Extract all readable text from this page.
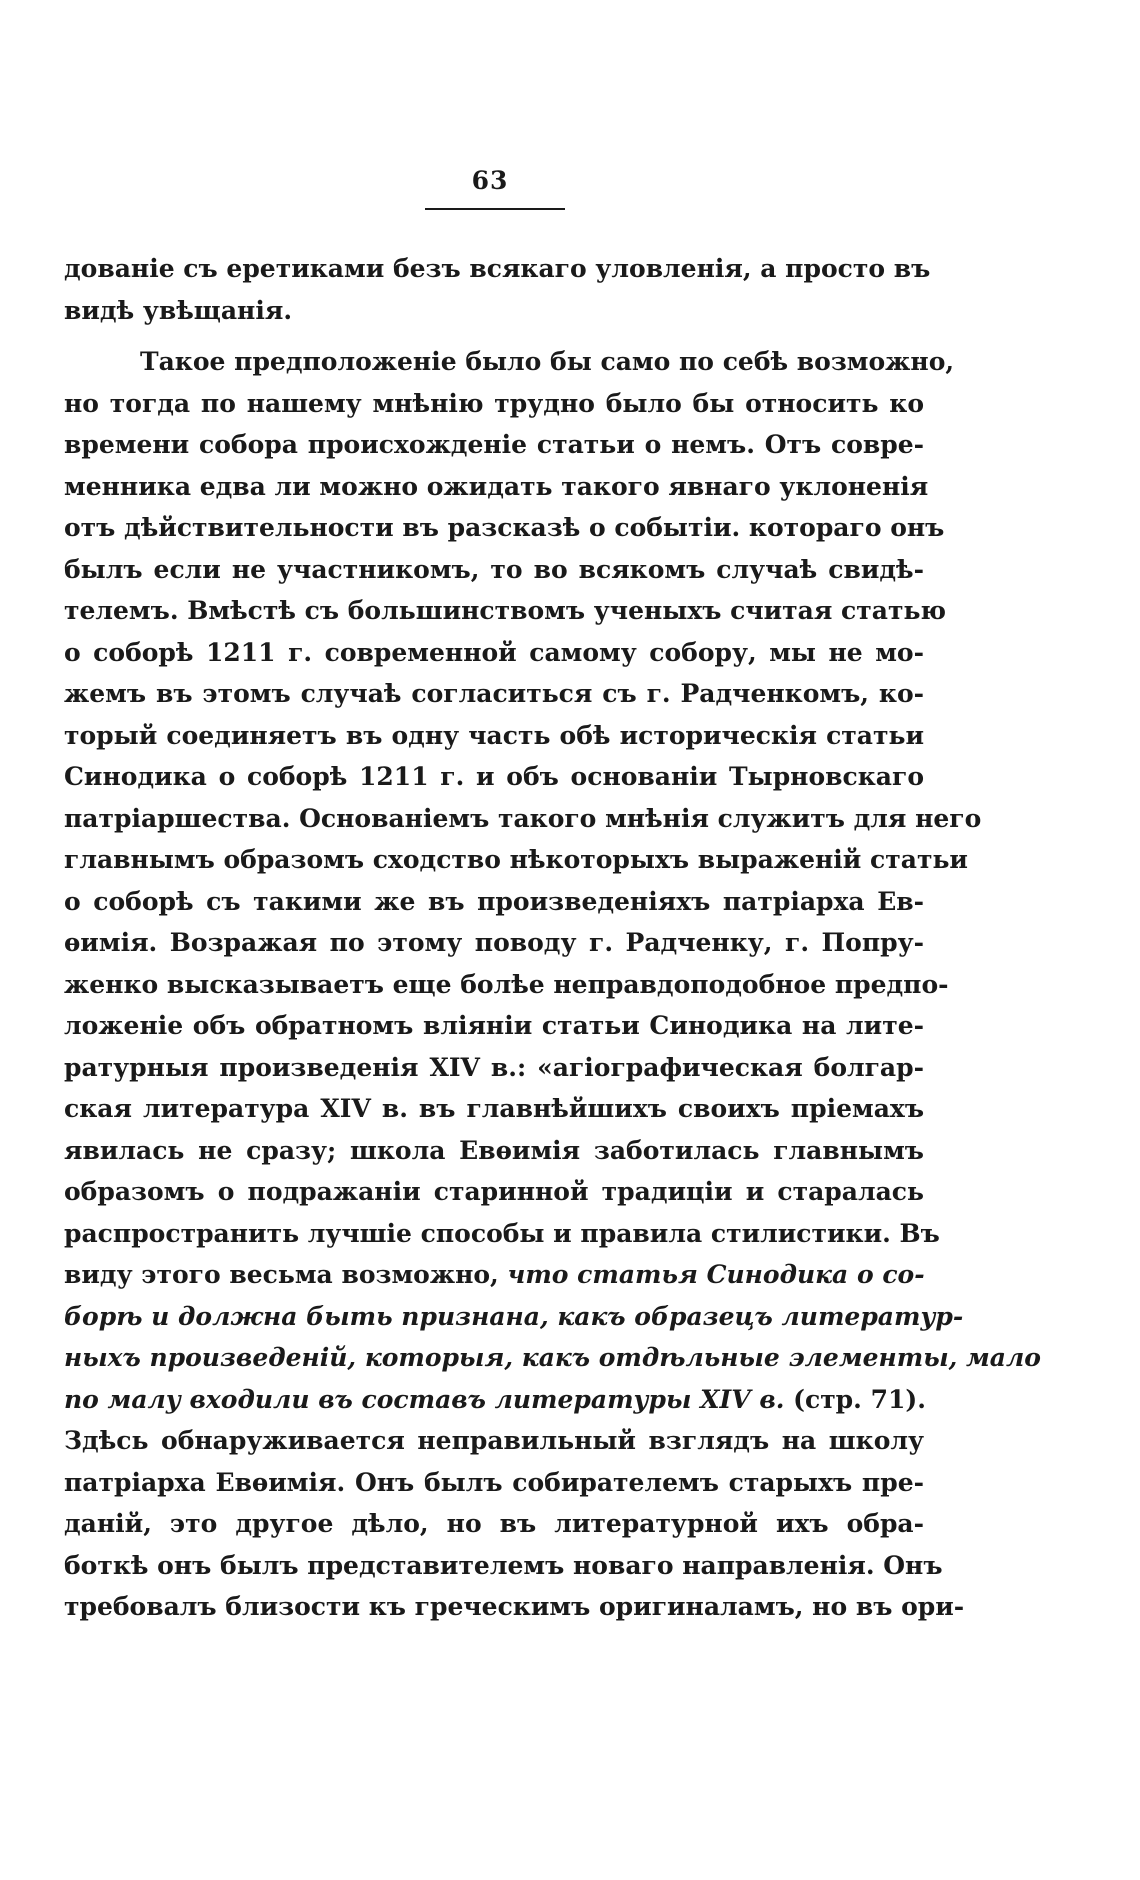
63
дованіе съ еретиками безъ всякаго уловленія, а просто въ
видѣ увѣщанія.
Такое предположеніе было бы само по себѣ возможно,
но тогда по нашему мнѣнію трудно было бы относить ко
времени собора происхожденіе статьи о немъ. Отъ совре-
менника едва ли можно ожидать такого явнаго уклоненія
отъ дѣйствительности въ разсказѣ о событіи. котораго онъ
былъ если не участникомъ, то во всякомъ случаѣ свидѣ-
телемъ. Вмѣстѣ съ большинствомъ ученыхъ считая статью
о соборѣ 1211 г. современной самому собору, мы не мо-
жемъ въ этомъ случаѣ согласиться съ г. Радченкомъ, ко-
торый соединяетъ въ одну часть обѣ историческія статьи
Синодика о соборѣ 1211 г. и объ основаніи Тырновскаго
патріаршества. Основаніемъ такого мнѣнія служитъ для него
главнымъ образомъ сходство нѣкоторыхъ выраженій статьи
о соборѣ съ такими же въ произведеніяхъ патріарха Ев-
ѳимія. Возражая по этому поводу г. Радченку, г. Попру-
женко высказываетъ еще болѣе неправдоподобное предпо-
ложеніе объ обратномъ вліяніи статьи Синодика на лите-
ратурныя произведенія XIV в.: «агіографическая болгар-
ская литература XIV в. въ главнѣйшихъ своихъ пріемахъ
явилась не сразу; школа Евѳимія заботилась главнымъ
образомъ о подражаніи старинной традиціи и старалась
распространить лучшіе способы и правила стилистики. Въ
виду этого весьма возможно, что статья Синодика о со-
борѣ и должна быть признана, какъ образецъ литератур-
ныхъ произведеній, которыя, какъ отдѣльные элементы, мало
по малу входили въ составъ литературы XIV в. (стр. 71).
Здѣсь обнаруживается неправильный взглядъ на школу
патріарха Евѳимія. Онъ былъ собирателемъ старыхъ пре-
даній, это другое дѣло, но въ литературной ихъ обра-
боткѣ онъ былъ представителемъ новаго направленія. Онъ
требовалъ близости къ греческимъ оригиналамъ, но въ ори-
